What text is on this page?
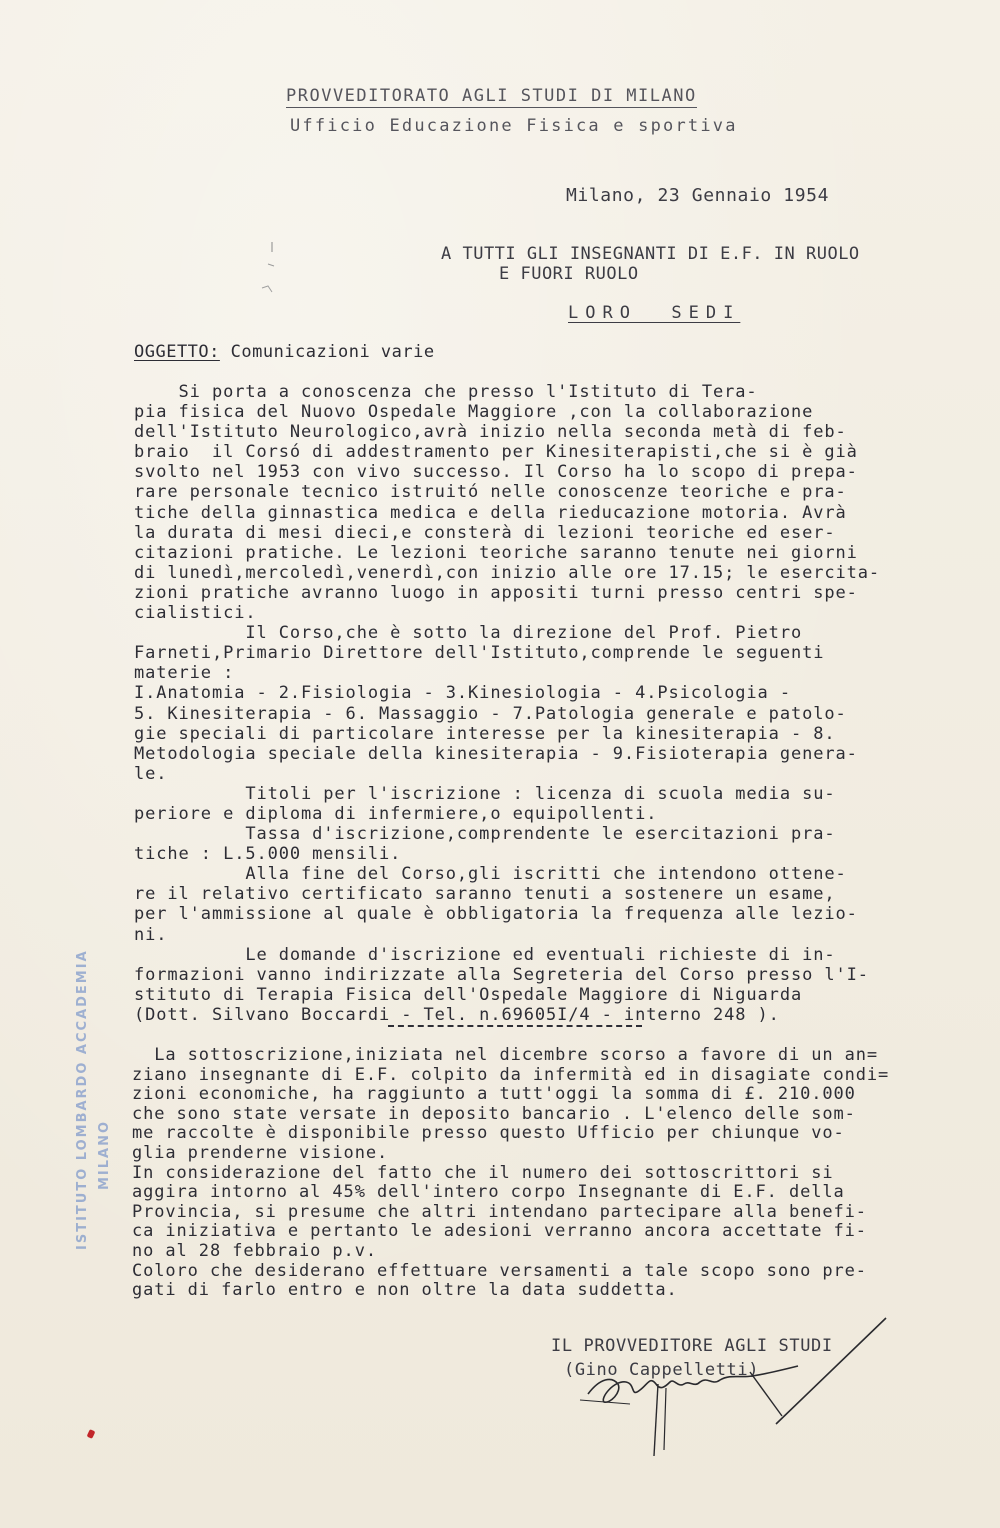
PROVVEDITORATO AGLI STUDI DI MILANO
Ufficio Educazione Fisica e sportiva
Milano, 23 Gennaio 1954
A TUTTI GLI INSEGNANTI DI E.F. IN RUOLO
E FUORI RUOLO
LORO  SEDI
OGGETTO: Comunicazioni varie
Si porta a conoscenza che presso l'Istituto di Tera-
pia fisica del Nuovo Ospedale Maggiore ,con la collaborazione
dell'Istituto Neurologico,avrà inizio nella seconda metà di feb-
braio  il Corsó di addestramento per Kinesiterapisti,che si è già
svolto nel 1953 con vivo successo. Il Corso ha lo scopo di prepa-
rare personale tecnico istruitó nelle conoscenze teoriche e pra-
tiche della ginnastica medica e della rieducazione motoria. Avrà
la durata di mesi dieci,e consterà di lezioni teoriche ed eser-
citazioni pratiche. Le lezioni teoriche saranno tenute nei giorni
di lunedì,mercoledì,venerdì,con inizio alle ore 17.15; le esercita-
zioni pratiche avranno luogo in appositi turni presso centri spe-
cialistici.
Il Corso,che è sotto la direzione del Prof. Pietro
Farneti,Primario Direttore dell'Istituto,comprende le seguenti
materie :
I.Anatomia - 2.Fisiologia - 3.Kinesiologia - 4.Psicologia -
5. Kinesiterapia - 6. Massaggio - 7.Patologia generale e patolo-
gie speciali di particolare interesse per la kinesiterapia - 8.
Metodologia speciale della kinesiterapia - 9.Fisioterapia genera-
le.
Titoli per l'iscrizione : licenza di scuola media su-
periore e diploma di infermiere,o equipollenti.
Tassa d'iscrizione,comprendente le esercitazioni pra-
tiche : L.5.000 mensili.
Alla fine del Corso,gli iscritti che intendono ottene-
re il relativo certificato saranno tenuti a sostenere un esame,
per l'ammissione al quale è obbligatoria la frequenza alle lezio-
ni.
Le domande d'iscrizione ed eventuali richieste di in-
formazioni vanno indirizzate alla Segreteria del Corso presso l'I-
stituto di Terapia Fisica dell'Ospedale Maggiore di Niguarda
(Dott. Silvano Boccardi - Tel. n.69605I/4 - interno 248 ).
La sottoscrizione,iniziata nel dicembre scorso a favore di un an=
ziano insegnante di E.F. colpito da infermità ed in disagiate condi=
zioni economiche, ha raggiunto a tutt'oggi la somma di £. 210.000
che sono state versate in deposito bancario . L'elenco delle som-
me raccolte è disponibile presso questo Ufficio per chiunque vo-
glia prenderne visione.
In considerazione del fatto che il numero dei sottoscrittori si
aggira intorno al 45% dell'intero corpo Insegnante di E.F. della
Provincia, si presume che altri intendano partecipare alla benefi-
ca iniziativa e pertanto le adesioni verranno ancora accettate fi-
no al 28 febbraio p.v.
Coloro che desiderano effettuare versamenti a tale scopo sono pre-
gati di farlo entro e non oltre la data suddetta.
IL PROVVEDITORE AGLI STUDI
(Gino Cappelletti)
ISTITUTO LOMBARDO ACCADEMIA MILANO
